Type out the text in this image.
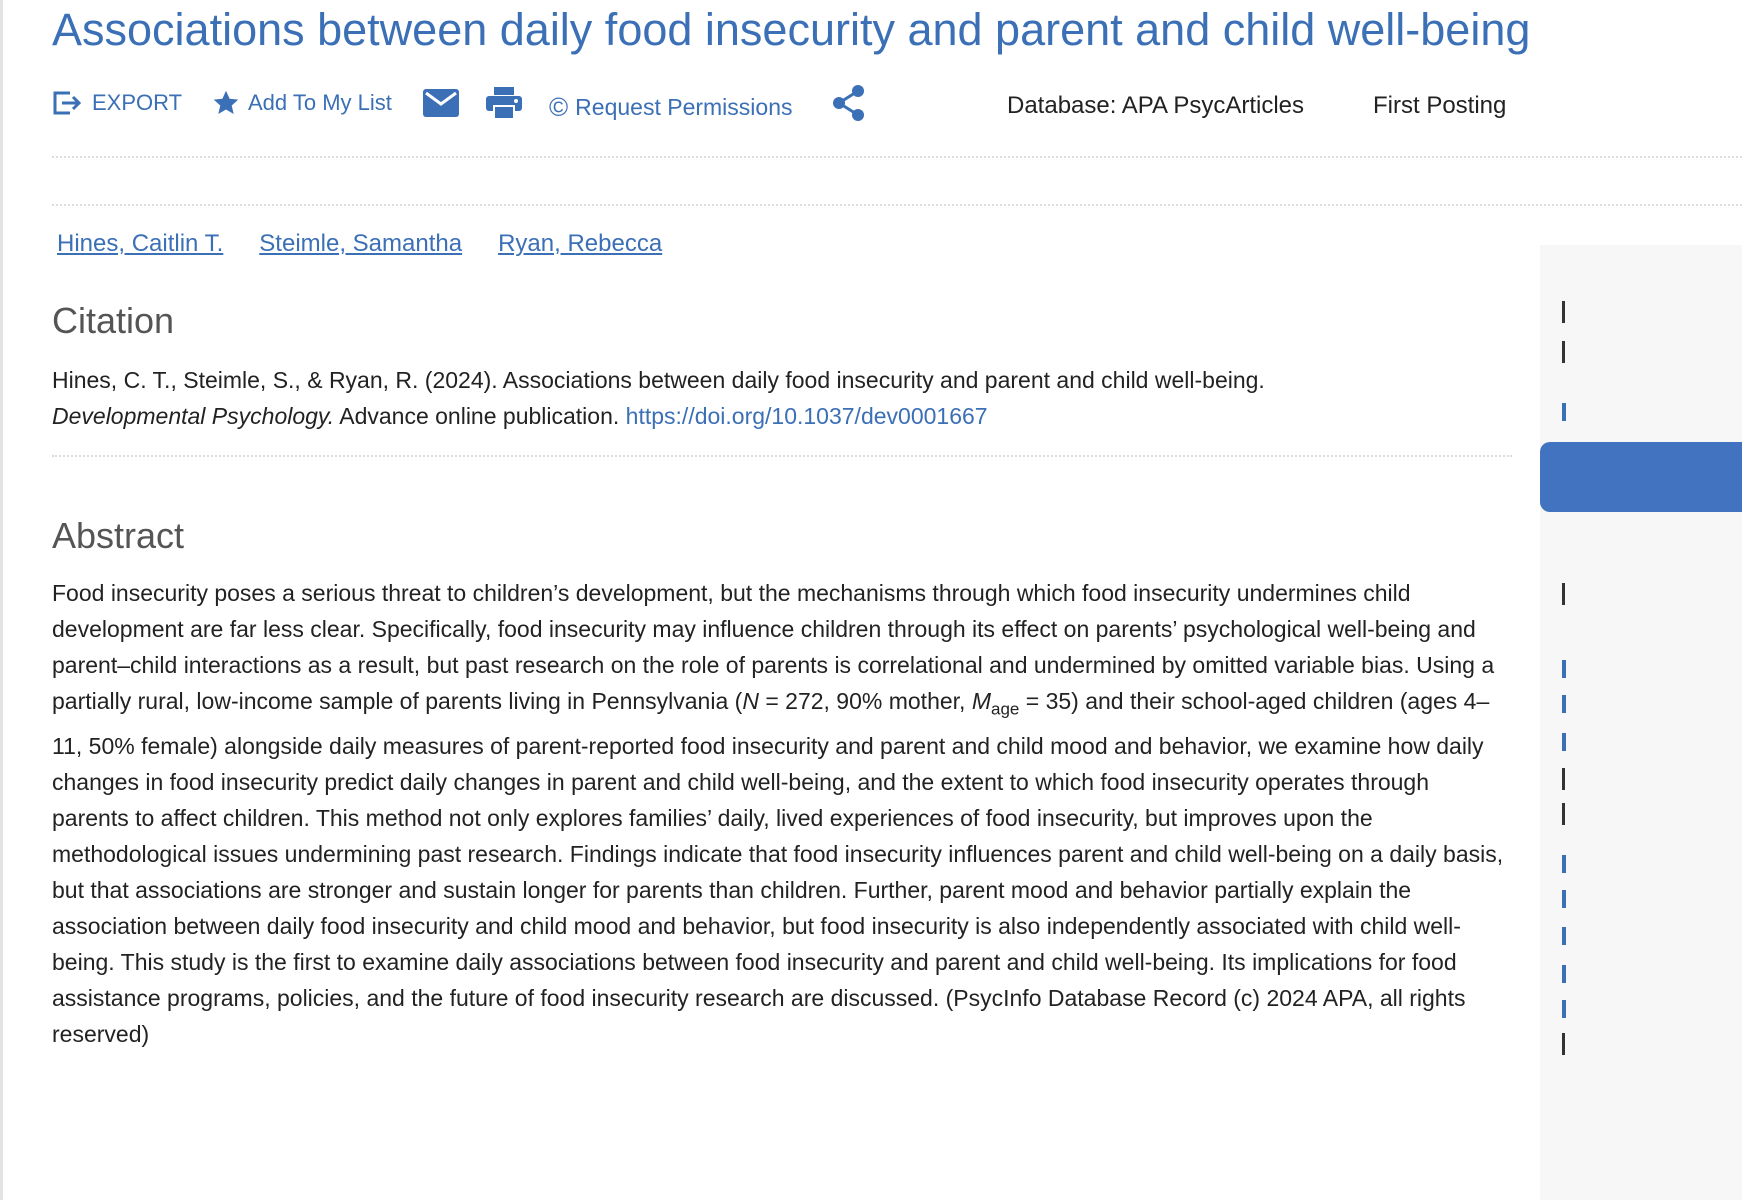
Associations between daily food insecurity and parent and child well-being
EXPORT	Add To My List	© Request Permissions	Database: APA PsycArticles	First Posting
Hines, Caitlin T. Steimle, Samantha Ryan, Rebecca
Citation
Hines, C. T., Steimle, S., & Ryan, R. (2024). Associations between daily food insecurity and parent and child well-being.
Developmental Psychology. Advance online publication. https://doi.org/10.1037/dev0001667
Abstract

Food insecurity poses a serious threat to children’s development, but the mechanisms through which food insecurity undermines child development are far less clear. Specifically, food insecurity may influence children through its effect on parents’ psychological well-being and parent–child interactions as a result, but past research on the role of parents is correlational and undermined by omitted variable bias. Using a partially rural, low-income sample of parents living in Pennsylvania (N = 272, 90% mother, $M_{age} = 35$) and their school-aged children (ages 4–11, 50% female) alongside daily measures of parent-reported food insecurity and parent and child mood and behavior, we examine how daily changes in food insecurity predict daily changes in parent and child well-being, and the extent to which food insecurity operates through parents to affect children. This method not only explores families’ daily, lived experiences of food insecurity, but improves upon the methodological issues undermining past research. Findings indicate that food insecurity influences parent and child well-being on a daily basis, but that associations are stronger and sustain longer for parents than children. Further, parent mood and behavior partially explain the association between daily food insecurity and child mood and behavior, but food insecurity is also independently associated with child well-being. This study is the first to examine daily associations between food insecurity and parent and child well-being. Its implications for food assistance programs, policies, and the future of food insecurity research are discussed. (PsycInfo Database Record (c) 2024 APA, all rights reserved)
